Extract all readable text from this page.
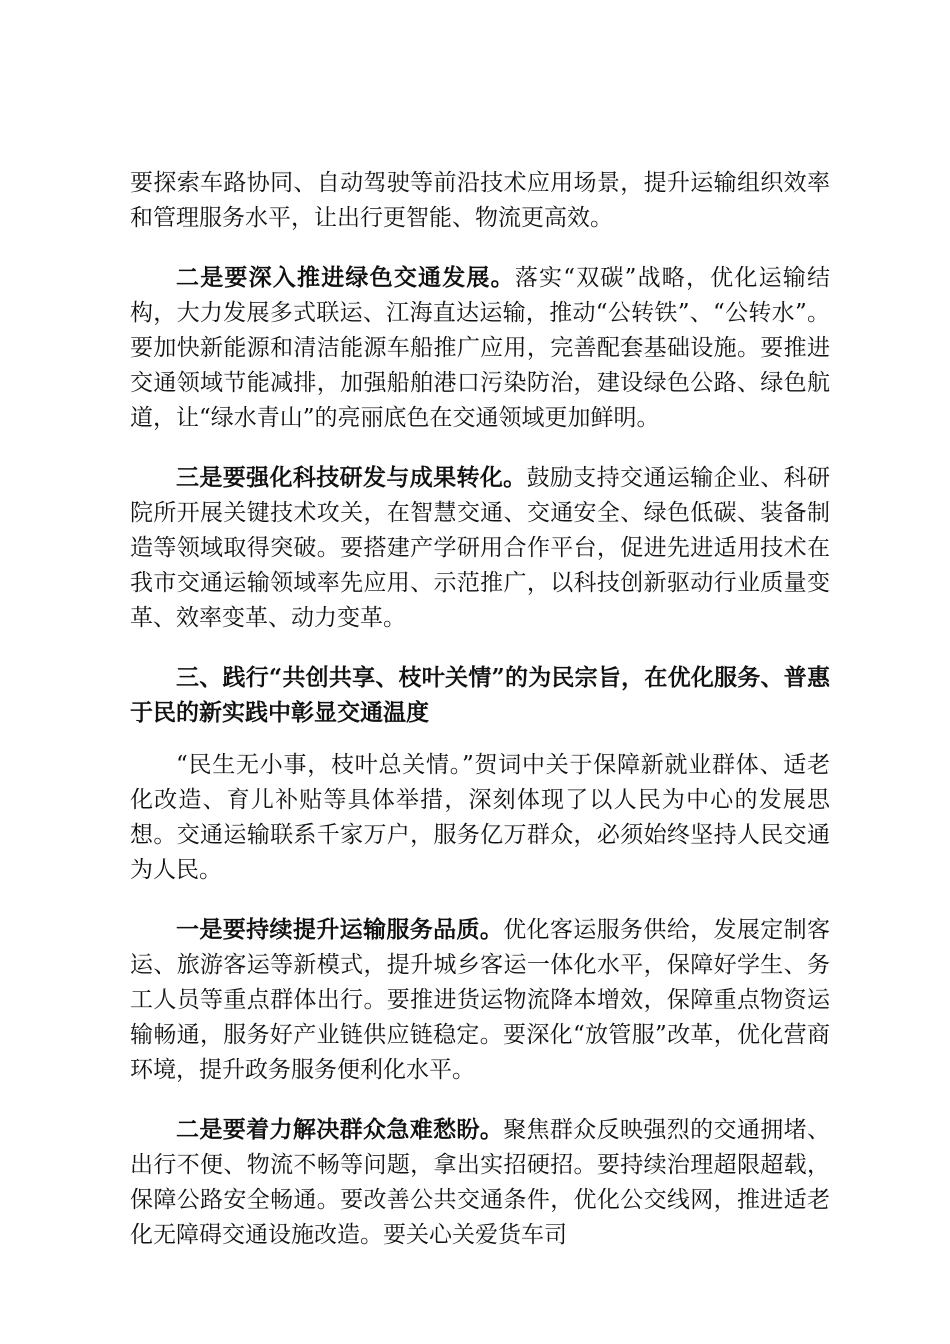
要探索车路协同、自动驾驶等前沿技术应用场景，提升运输组织效率和管理服务水平，让出行更智能、物流更高效。

二是要深入推进绿色交通发展。落实“双碳”战略，优化运输结构，大力发展多式联运、江海直达运输，推动“公转铁”、“公转水”。要加快新能源和清洁能源车船推广应用，完善配套基础设施。要推进交通领域节能减排，加强船舶港口污染防治，建设绿色公路、绿色航道，让“绿水青山”的亮丽底色在交通领域更加鲜明。

三是要强化科技研发与成果转化。鼓励支持交通运输企业、科研院所开展关键技术攻关，在智慧交通、交通安全、绿色低碳、装备制造等领域取得突破。要搭建产学研用合作平台，促进先进适用技术在我市交通运输领域率先应用、示范推广，以科技创新驱动行业质量变革、效率变革、动力变革。

三、践行“共创共享、枝叶关情”的为民宗旨，在优化服务、普惠于民的新实践中彰显交通温度

“民生无小事，枝叶总关情。”贺词中关于保障新就业群体、适老化改造、育儿补贴等具体举措，深刻体现了以人民为中心的发展思想。交通运输联系千家万户，服务亿万群众，必须始终坚持人民交通为人民。

一是要持续提升运输服务品质。优化客运服务供给，发展定制客运、旅游客运等新模式，提升城乡客运一体化水平，保障好学生、务工人员等重点群体出行。要推进货运物流降本增效，保障重点物资运输畅通，服务好产业链供应链稳定。要深化“放管服”改革，优化营商环境，提升政务服务便利化水平。

二是要着力解决群众急难愁盼。聚焦群众反映强烈的交通拥堵、出行不便、物流不畅等问题，拿出实招硬招。要持续治理超限超载，保障公路安全畅通。要改善公共交通条件，优化公交线网，推进适老化无障碍交通设施改造。要关心关爱货车司
